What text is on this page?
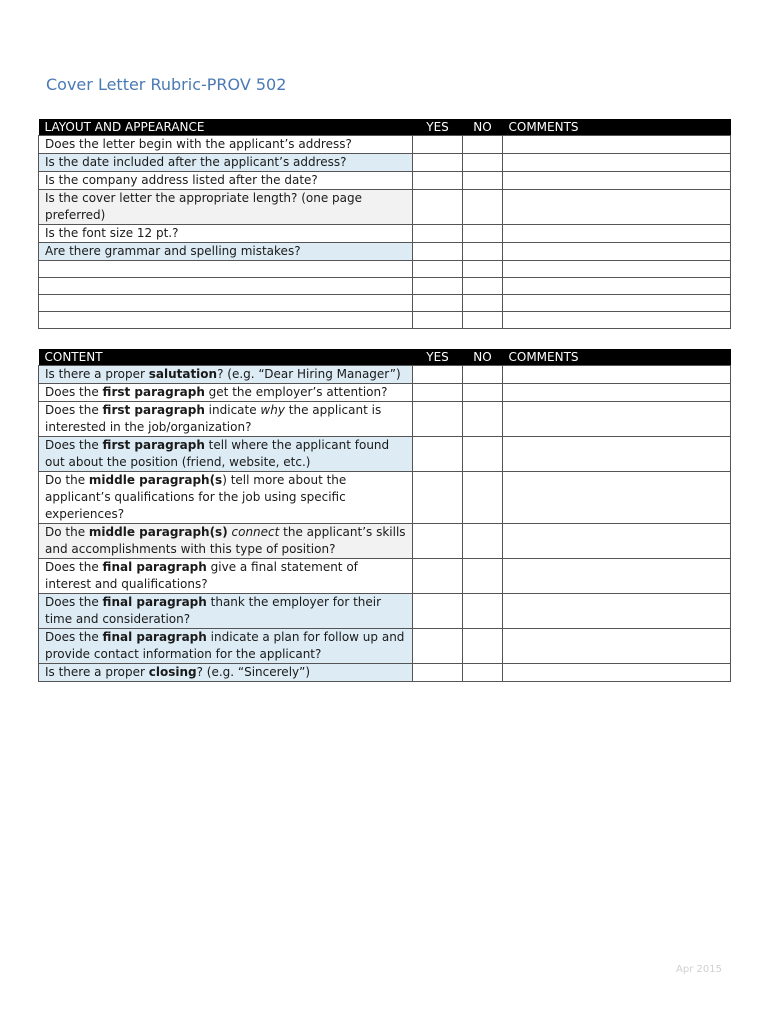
Cover Letter Rubric-PROV 502
LAYOUT AND APPEARANCE	YES	NO	COMMENTS
Does the letter begin with the applicant’s address?			
Is the date included after the applicant’s address?			
Is the company address listed after the date?			
Is the cover letter the appropriate length? (one page preferred)			
Is the font size 12 pt.?			
Are there grammar and spelling mistakes?			

CONTENT	YES	NO	COMMENTS
Is there a proper salutation? (e.g. “Dear Hiring Manager”)			
Does the first paragraph get the employer’s attention?			
Does the first paragraph indicate why the applicant is interested in the job/organization?			
Does the first paragraph tell where the applicant found out about the position (friend, website, etc.)			
Do the middle paragraph(s) tell more about the applicant’s qualifications for the job using specific experiences?			
Do the middle paragraph(s) connect the applicant’s skills and accomplishments with this type of position?			
Does the final paragraph give a final statement of interest and qualifications?			
Does the final paragraph thank the employer for their time and consideration?			
Does the final paragraph indicate a plan for follow up and provide contact information for the applicant?			
Is there a proper closing? (e.g. “Sincerely”)			
Apr 2015
